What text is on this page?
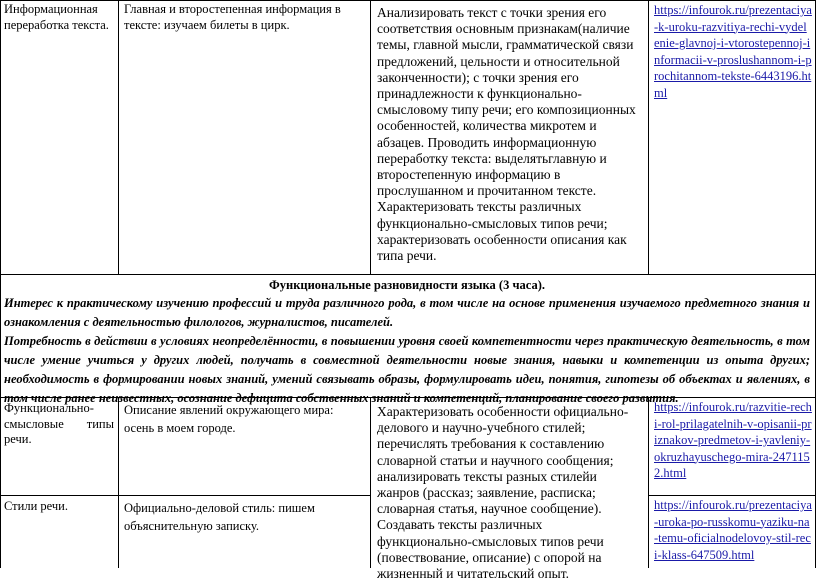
Информационная переработка текста.
Главная и второстепенная информация в тексте: изучаем билеты в цирк.
Анализировать текст с точки зрения его соответствия основным признакам(наличие темы, главной мысли, грамматической связи предложений, цельности и относительной законченности); с точки зрения его принадлежности к функционально- смысловому типу речи; его композиционных особенностей, количества микротем и абзацев. Проводить информационную переработку текста: выделятьглавную и второстепенную информацию в прослушанном и прочитанном тексте. Характеризовать тексты различных функционально-смысловых типов речи; характеризовать особенности описания как типа речи.
https://infourok.ru/prezentaciya-k-uroku-razvitiya-rechi-vydelenie-glavnoj-i-vtorostepennoj-informacii-v-proslushannom-i-prochitannom-tekste-6443196.html
Функциональные разновидности языка (3 часа).

Интерес к практическому изучению профессий и труда различного рода, в том числе на основе применения изучаемого предметного знания и ознакомления с деятельностью филологов, журналистов, писателей.

Потребность в действии в условиях неопределённости, в повышении уровня своей компетентности через практическую деятельность, в том числе умение учиться у других людей, получать в совместной деятельности новые знания, навыки и компетенции из опыта других; необходимость в формировании новых знаний, умений связывать образы, формулировать идеи, понятия, гипотезы об объектах и явлениях, в том числе ранее неизвестных, осознание дефицита собственных знаний и компетенций, планирование своего развития.

Функционально-смысловые типы речи.
Описание явлений окружающего мира: осень в моем городе.
Характеризовать особенности официально-делового и научно-учебного стилей; перечислять требования к составлению словарной статьи и научного сообщения; анализировать тексты разных стилейи жанров (рассказ; заявление, расписка; словарная статья, научное сообщение). Создавать тексты различных функционально-смысловых типов речи (повествование, описание) с опорой на жизненный и читательский опыт.
https://infourok.ru/razvitie-rechi-rol-prilagatelnih-v-opisanii-priznakov-predmetov-i-yavleniy-okruzhayuschego-mira-2471152.html
Стили речи.	Официально-деловой стиль: пишем объяснительную записку.
https://infourok.ru/prezentaciya-uroka-po-russkomu-yaziku-na-temu-oficialnodelovoy-stil-reci-klass-647509.html
